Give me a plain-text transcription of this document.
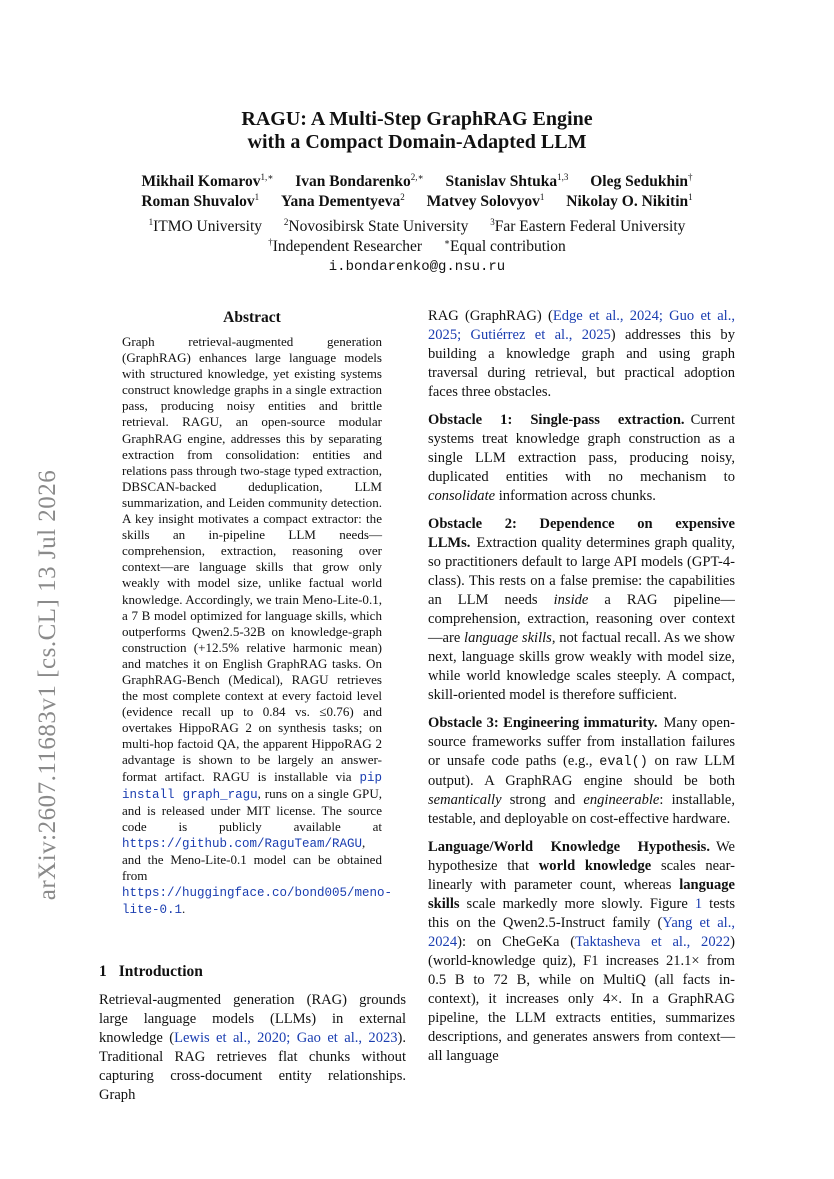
arXiv:2607.11683v1 [cs.CL] 13 Jul 2026
RAGU: A Multi-Step GraphRAG Engine
with a Compact Domain-Adapted LLM
Mikhail Komarov$^{1,∗}$ Ivan Bondarenko$^{2,∗}$ Stanislav Shtuka$^{1,3}$ Oleg Sedukhin†
Roman Shuvalov$^1$ Yana Dementyeva$^2$ Matvey Solovyov$^1$ Nikolay O. Nikitin$^1$
$^1$ITMO University $^2$Novosibirsk State University $^3$Far Eastern Federal University
†Independent Researcher ∗Equal contribution
i.bondarenko@g.nsu.ru
Abstract
Graph retrieval-augmented generation (GraphRAG) enhances large language models with structured knowledge, yet existing systems construct knowledge graphs in a single extraction pass, producing noisy entities and brittle retrieval. RAGU, an open-source modular GraphRAG engine, addresses this by separating extraction from consolidation: entities and relations pass through two-stage typed extraction, DBSCAN-backed deduplication, LLM summarization, and Leiden community detection. A key insight motivates a compact extractor: the skills an in-pipeline LLM needs—comprehension, extraction, reasoning over context—are language skills that grow only weakly with model size, unlike factual world knowledge. Accordingly, we train Meno-Lite-0.1, a 7 B model optimized for language skills, which outperforms Qwen2.5-32B on knowledge-graph construction (+12.5% relative harmonic mean) and matches it on English GraphRAG tasks. On GraphRAG-Bench (Medical), RAGU retrieves the most complete context at every factoid level (evidence recall up to 0.84 vs. ≤0.76) and overtakes HippoRAG 2 on synthesis tasks; on multi-hop factoid QA, the apparent HippoRAG 2 advantage is shown to be largely an answer-format artifact. RAGU is installable via pip install graph_ragu, runs on a single GPU, and is released under MIT license. The source code is publicly available at https://github.com/RaguTeam/RAGU, and the Meno-Lite-0.1 model can be obtained from https://huggingface.co/bond005/meno-lite-0.1.
1 Introduction
Retrieval-augmented generation (RAG) grounds large language models (LLMs) in external knowledge (Lewis et al., 2020; Gao et al., 2023). Traditional RAG retrieves flat chunks without capturing cross-document entity relationships. Graph

RAG (GraphRAG) (Edge et al., 2024; Guo et al., 2025; Gutiérrez et al., 2025) addresses this by building a knowledge graph and using graph traversal during retrieval, but practical adoption faces three obstacles.

Obstacle 1: Single-pass extraction. Current systems treat knowledge graph construction as a single LLM extraction pass, producing noisy, duplicated entities with no mechanism to consolidate information across chunks.

Obstacle 2: Dependence on expensive LLMs. Extraction quality determines graph quality, so practitioners default to large API models (GPT-4-class). This rests on a false premise: the capabilities an LLM needs inside a RAG pipeline—comprehension, extraction, reasoning over context—are language skills, not factual recall. As we show next, language skills grow weakly with model size, while world knowledge scales steeply. A compact, skill-oriented model is therefore sufficient.

Obstacle 3: Engineering immaturity. Many open-source frameworks suffer from installation failures or unsafe code paths (e.g., eval() on raw LLM output). A GraphRAG engine should be both semantically strong and engineerable: installable, testable, and deployable on cost-effective hardware.

Language/World Knowledge Hypothesis. We hypothesize that world knowledge scales near-linearly with parameter count, whereas language skills scale markedly more slowly. Figure 1 tests this on the Qwen2.5-Instruct family (Yang et al., 2024): on CheGeKa (Taktasheva et al., 2022) (world-knowledge quiz), F1 increases 21.1× from 0.5 B to 72 B, while on MultiQ (all facts in-context), it increases only 4×. In a GraphRAG pipeline, the LLM extracts entities, summarizes descriptions, and generates answers from context—all language
